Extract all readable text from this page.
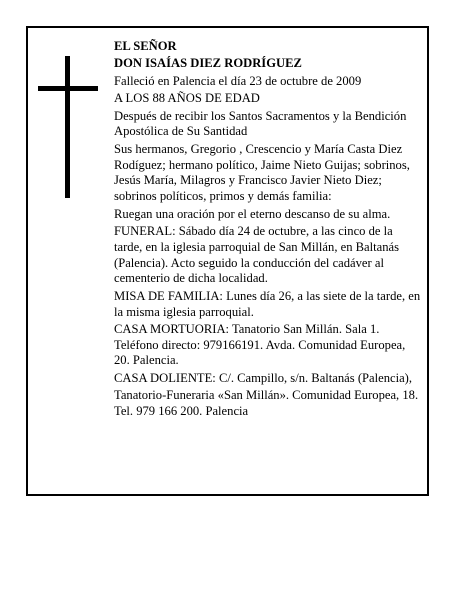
EL SEÑOR

DON ISAÍAS DIEZ RODRÍGUEZ

Falleció en Palencia el día 23 de octubre de 2009

A LOS 88 AÑOS DE EDAD

Después de recibir los Santos Sacramentos y la Bendición Apostólica de Su Santidad

Sus hermanos, Gregorio , Crescencio y María Casta Diez Rodíguez; hermano político, Jaime Nieto Guijas; sobrinos, Jesús María, Milagros y Francisco Javier Nieto Diez; sobrinos políticos, primos y demás familia:

Ruegan una oración por el eterno descanso de su alma.

FUNERAL: Sábado día 24 de octubre, a las cinco de la tarde, en la iglesia parroquial de San Millán, en Baltanás (Palencia). Acto seguido la conducción del cadáver al cementerio de dicha localidad.

MISA DE FAMILIA: Lunes día 26, a las siete de la tarde, en la misma iglesia parroquial.

CASA MORTUORIA: Tanatorio San Millán. Sala 1. Teléfono directo: 979166191. Avda. Comunidad Europea, 20. Palencia.

CASA DOLIENTE: C/. Campillo, s/n. Baltanás (Palencia),

Tanatorio-Funeraria «San Millán». Comunidad Europea, 18. Tel. 979 166 200. Palencia
